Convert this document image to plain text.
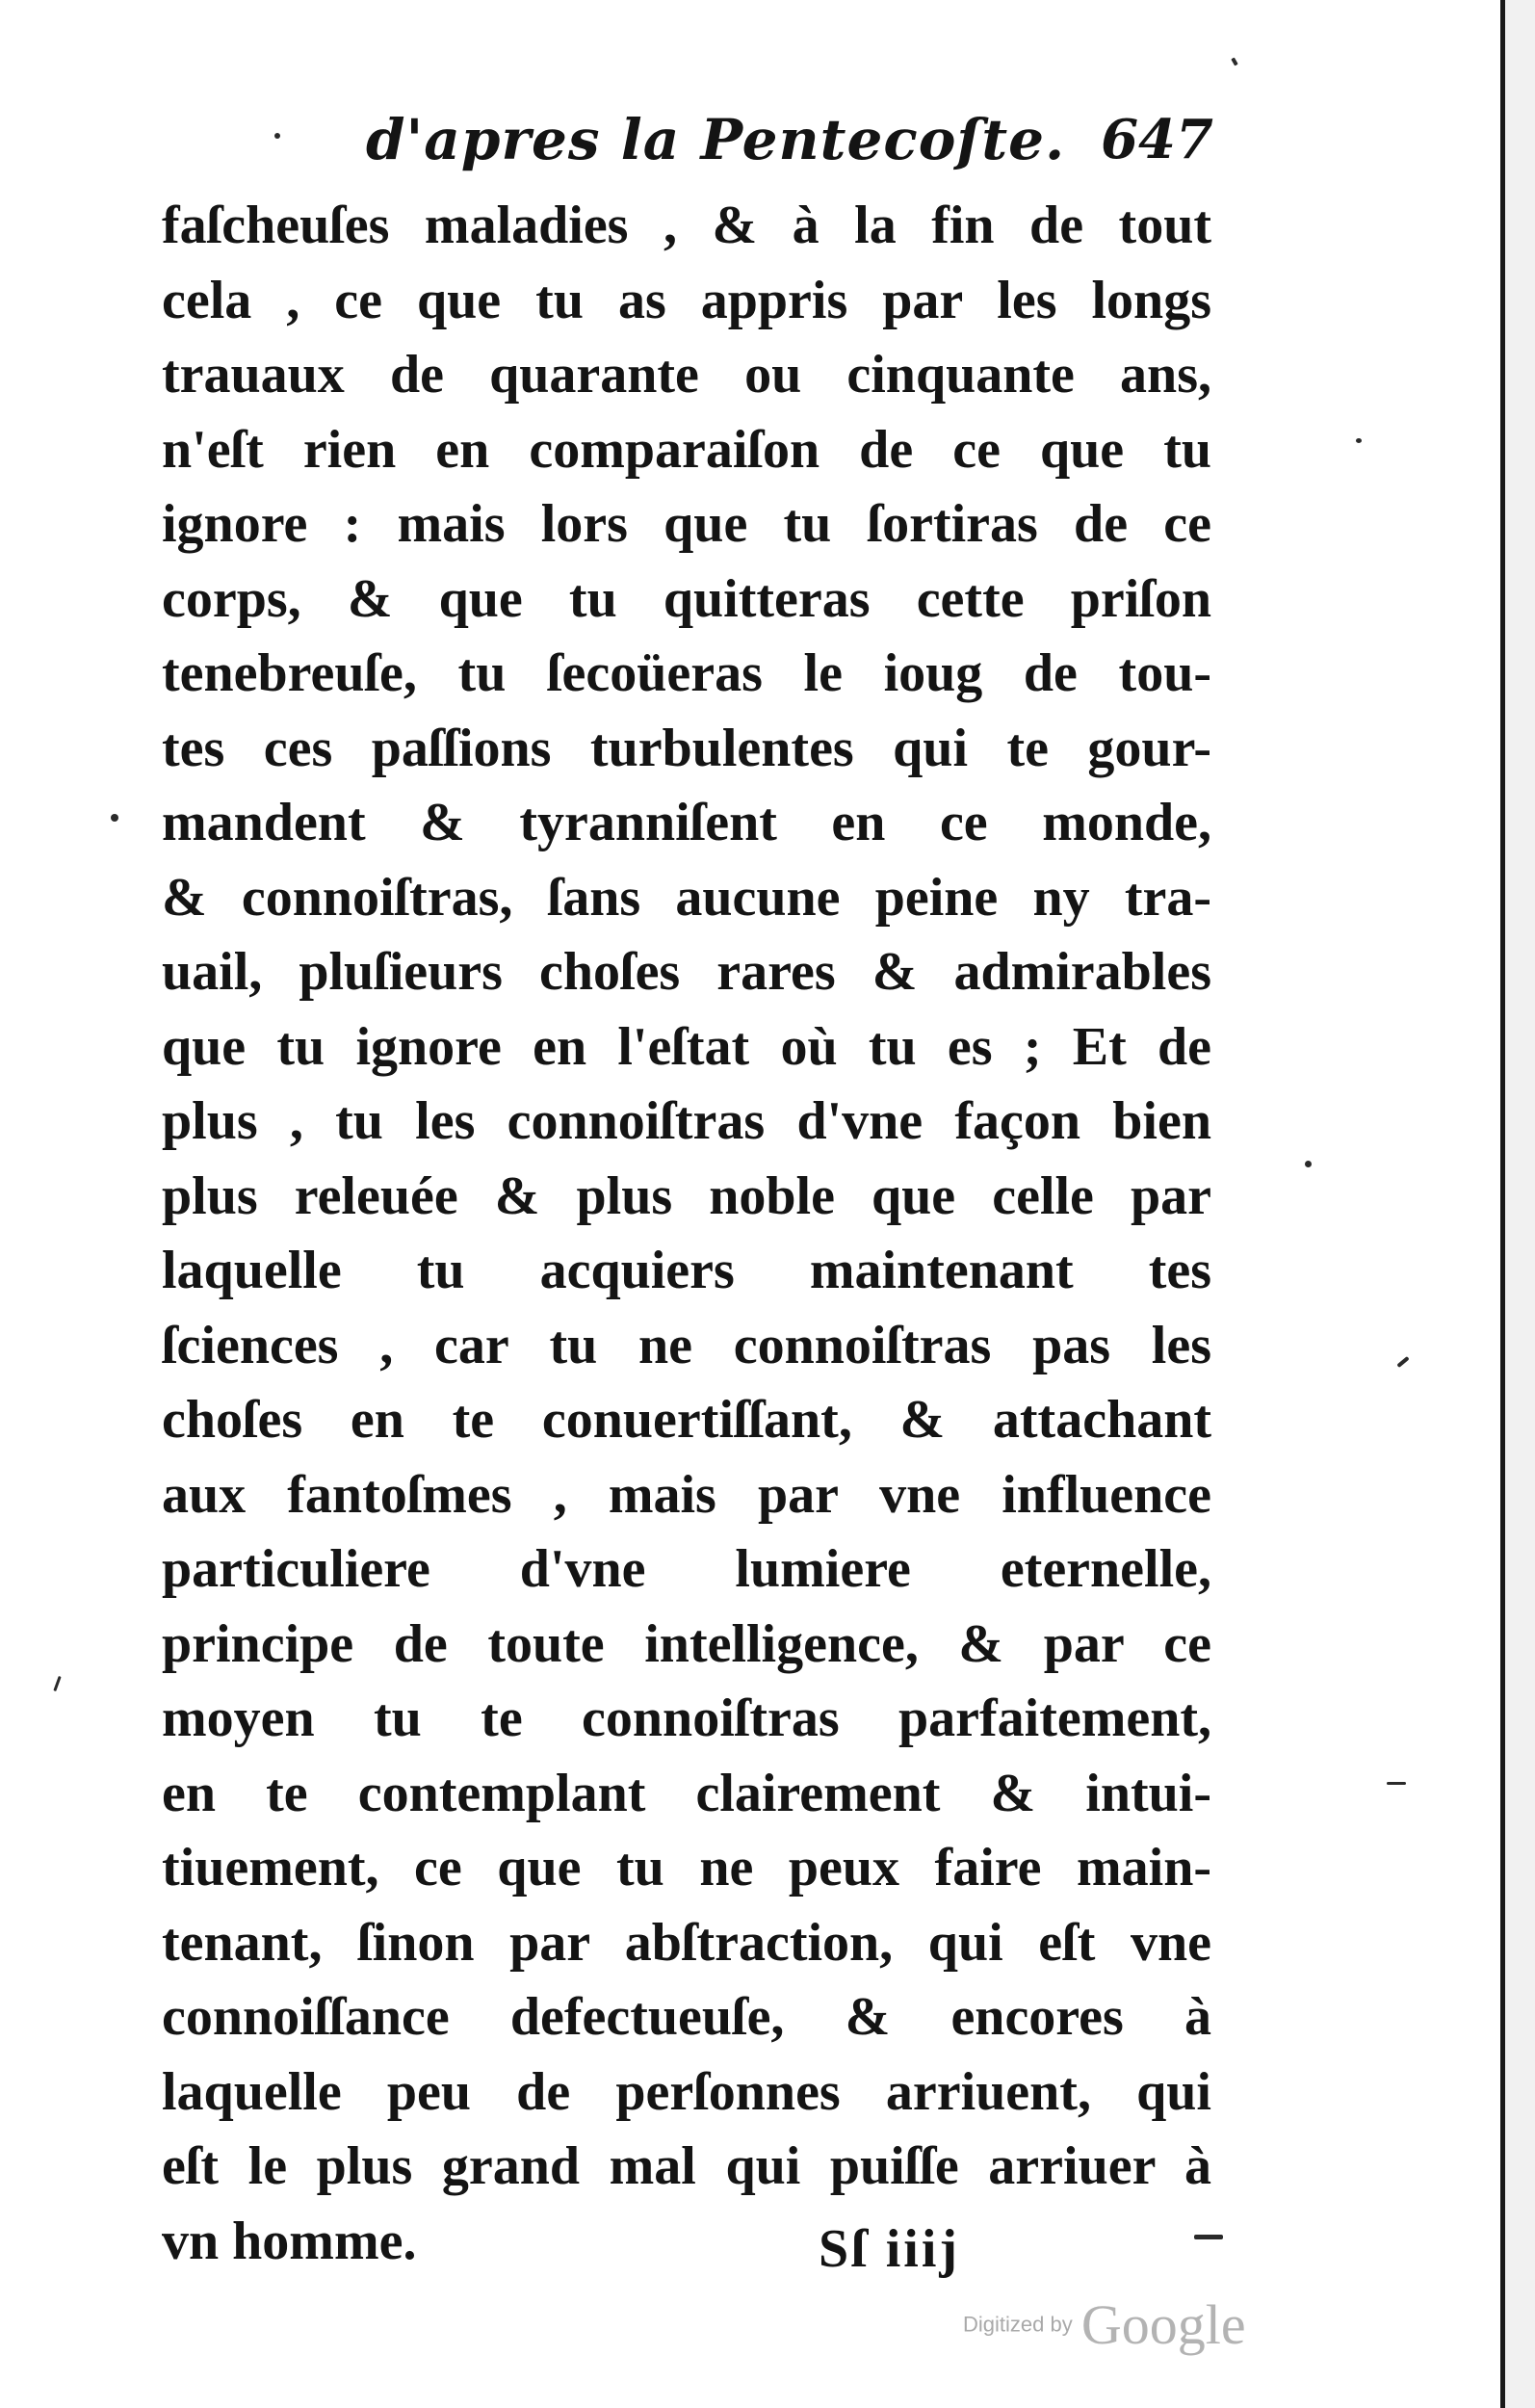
d'apres la Pentecoſte. 647
faſcheuſes maladies , & à la fin de tout
cela , ce que tu as appris par les longs
trauaux de quarante ou cinquante ans,
n'eſt rien en comparaiſon de ce que tu
ignore : mais lors que tu ſortiras de ce
corps, & que tu quitteras cette priſon
tenebreuſe, tu ſecoüeras le ioug de tou-
tes ces paſſions turbulentes qui te gour-
mandent & tyranniſent en ce monde,
& connoiſtras, ſans aucune peine ny tra-
uail, pluſieurs choſes rares & admirables
que tu ignore en l'eſtat où tu es ; Et de
plus , tu les connoiſtras d'vne façon bien
plus releuée & plus noble que celle par
laquelle tu acquiers maintenant tes
ſciences , car tu ne connoiſtras pas les
choſes en te conuertiſſant, & attachant
aux fantoſmes , mais par vne influence
particuliere d'vne lumiere eternelle,
principe de toute intelligence, & par ce
moyen tu te connoiſtras parfaitement,
en te contemplant clairement & intui-
tiuement, ce que tu ne peux faire main-
tenant, ſinon par abſtraction, qui eſt vne
connoiſſance defectueuſe, & encores à
laquelle peu de perſonnes arriuent, qui
eſt le plus grand mal qui puiſſe arriuer à
vn homme.	Sſ iiij
Digitized by Google
